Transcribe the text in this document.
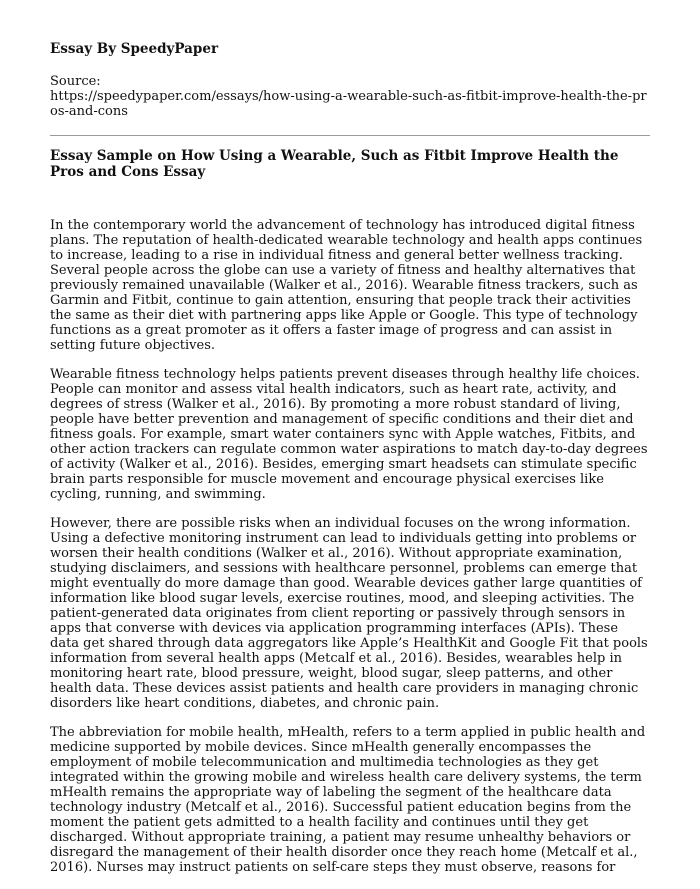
Essay By SpeedyPaper
Source:
https://speedypaper.com/essays/how-using-a-wearable-such-as-fitbit-improve-health-the-pros-and-cons
Essay Sample on How Using a Wearable, Such as Fitbit Improve Health the Pros and Cons Essay

In the contemporary world the advancement of technology has introduced digital fitness plans. The reputation of health-dedicated wearable technology and health apps continues to increase, leading to a rise in individual fitness and general better wellness tracking. Several people across the globe can use a variety of fitness and healthy alternatives that previously remained unavailable (Walker et al., 2016). Wearable fitness trackers, such as Garmin and Fitbit, continue to gain attention, ensuring that people track their activities the same as their diet with partnering apps like Apple or Google. This type of technology functions as a great promoter as it offers a faster image of progress and can assist in setting future objectives.

Wearable fitness technology helps patients prevent diseases through healthy life choices. People can monitor and assess vital health indicators, such as heart rate, activity, and degrees of stress (Walker et al., 2016). By promoting a more robust standard of living, people have better prevention and management of specific conditions and their diet and fitness goals. For example, smart water containers sync with Apple watches, Fitbits, and other action trackers can regulate common water aspirations to match day-to-day degrees of activity (Walker et al., 2016). Besides, emerging smart headsets can stimulate specific brain parts responsible for muscle movement and encourage physical exercises like cycling, running, and swimming.

However, there are possible risks when an individual focuses on the wrong information. Using a defective monitoring instrument can lead to individuals getting into problems or worsen their health conditions (Walker et al., 2016). Without appropriate examination, studying disclaimers, and sessions with healthcare personnel, problems can emerge that might eventually do more damage than good. Wearable devices gather large quantities of information like blood sugar levels, exercise routines, mood, and sleeping activities. The patient-generated data originates from client reporting or passively through sensors in apps that converse with devices via application programming interfaces (APIs). These data get shared through data aggregators like Apple’s HealthKit and Google Fit that pools information from several health apps (Metcalf et al., 2016). Besides, wearables help in monitoring heart rate, blood pressure, weight, blood sugar, sleep patterns, and other health data. These devices assist patients and health care providers in managing chronic disorders like heart conditions, diabetes, and chronic pain.

The abbreviation for mobile health, mHealth, refers to a term applied in public health and medicine supported by mobile devices. Since mHealth generally encompasses the employment of mobile telecommunication and multimedia technologies as they get integrated within the growing mobile and wireless health care delivery systems, the term mHealth remains the appropriate way of labeling the segment of the healthcare data technology industry (Metcalf et al., 2016). Successful patient education begins from the moment the patient gets admitted to a health facility and continues until they get discharged. Without appropriate training, a patient may resume unhealthy behaviors or disregard the management of their health disorder once they reach home (Metcalf et al., 2016). Nurses may instruct patients on self-care steps they must observe, reasons for
